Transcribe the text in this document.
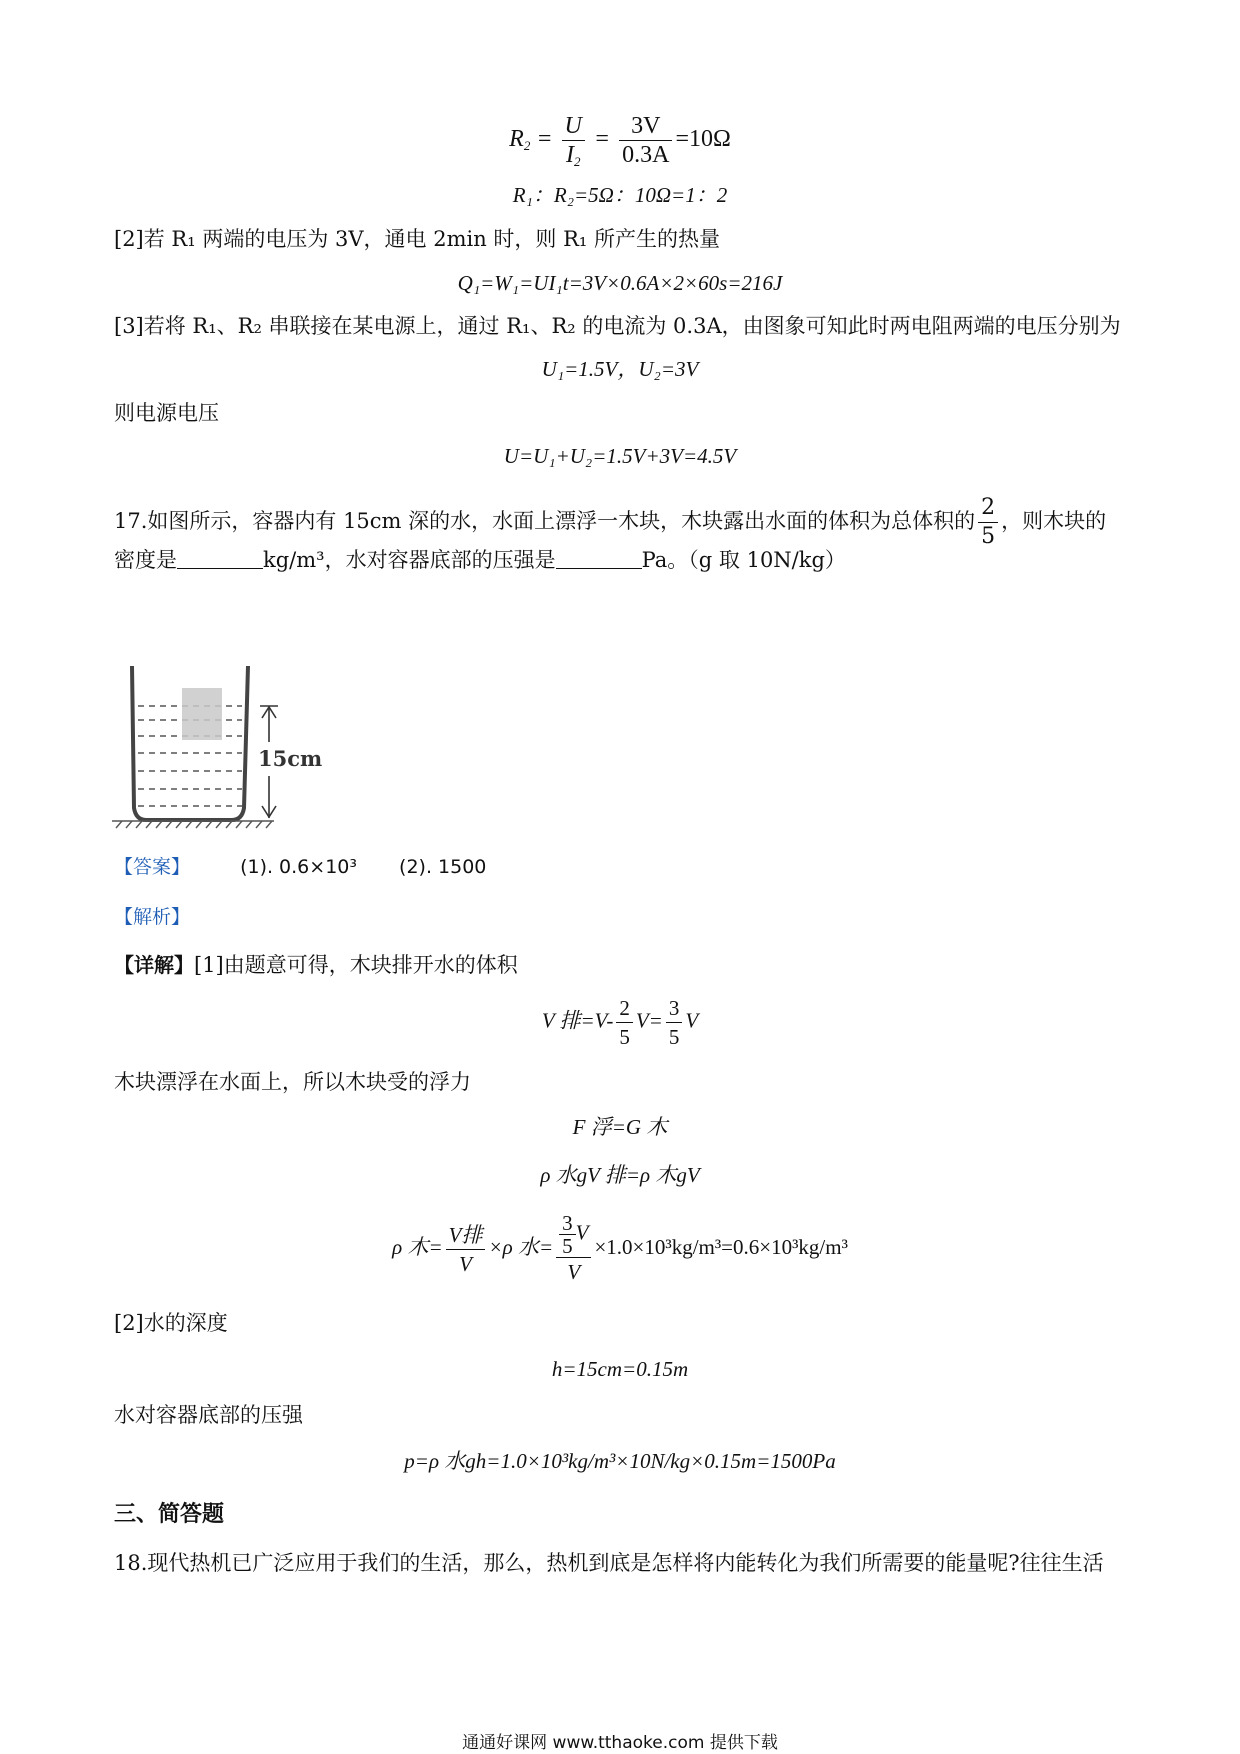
$R_2 = \frac{U}{I_2} = \frac{3V}{0.3A} =10\Omega$
R₁：R₂=5Ω：10Ω=1：2
[2]若 R₁ 两端的电压为 3V，通电 2min 时，则 R₁ 所产生的热量
Q₁=W₁=UI₁t=3V×0.6A×2×60s=216J
[3]若将 R₁、R₂ 串联接在某电源上，通过 R₁、R₂ 的电流为 0.3A，由图象可知此时两电阻两端的电压分别为
U₁=1.5V，U₂=3V
则电源电压
U=U₁+U₂=1.5V+3V=4.5V
17.如图所示，容器内有 15cm 深的水，水面上漂浮一木块，木块露出水面的体积为总体积的 $\frac{2}{5}$ ，则木块的
密度是	kg/m³，水对容器底部的压强是	Pa。（g 取 10N/kg）
15cm
【答案】	(1). 0.6×10³ (2). 1500
【解析】
【详解】[1]由题意可得，木块排开水的体积
V 排$=V- \frac{2}{5} V= \frac{3}{5}$ V
木块漂浮在水面上，所以木块受的浮力
F 浮=G 木
ρ 水gV 排=ρ 木gV
ρ 木= $\frac{\text{V排}}{V} \times\rho$ 水= $\frac{\frac{3}{5} V}{V} \times 1.0\times 10^3kg/m^3=0.6\times 10^3kg/m^3$
[2]水的深度
h=15cm=0.15m
水对容器底部的压强
p=ρ 水gh=1.0×10³kg/m³×10N/kg×0.15m=1500Pa
三、简答题
18.现代热机已广泛应用于我们的生活，那么，热机到底是怎样将内能转化为我们所需要的能量呢?往往生活
通通好课网 www.tthaoke.com 提供下载
